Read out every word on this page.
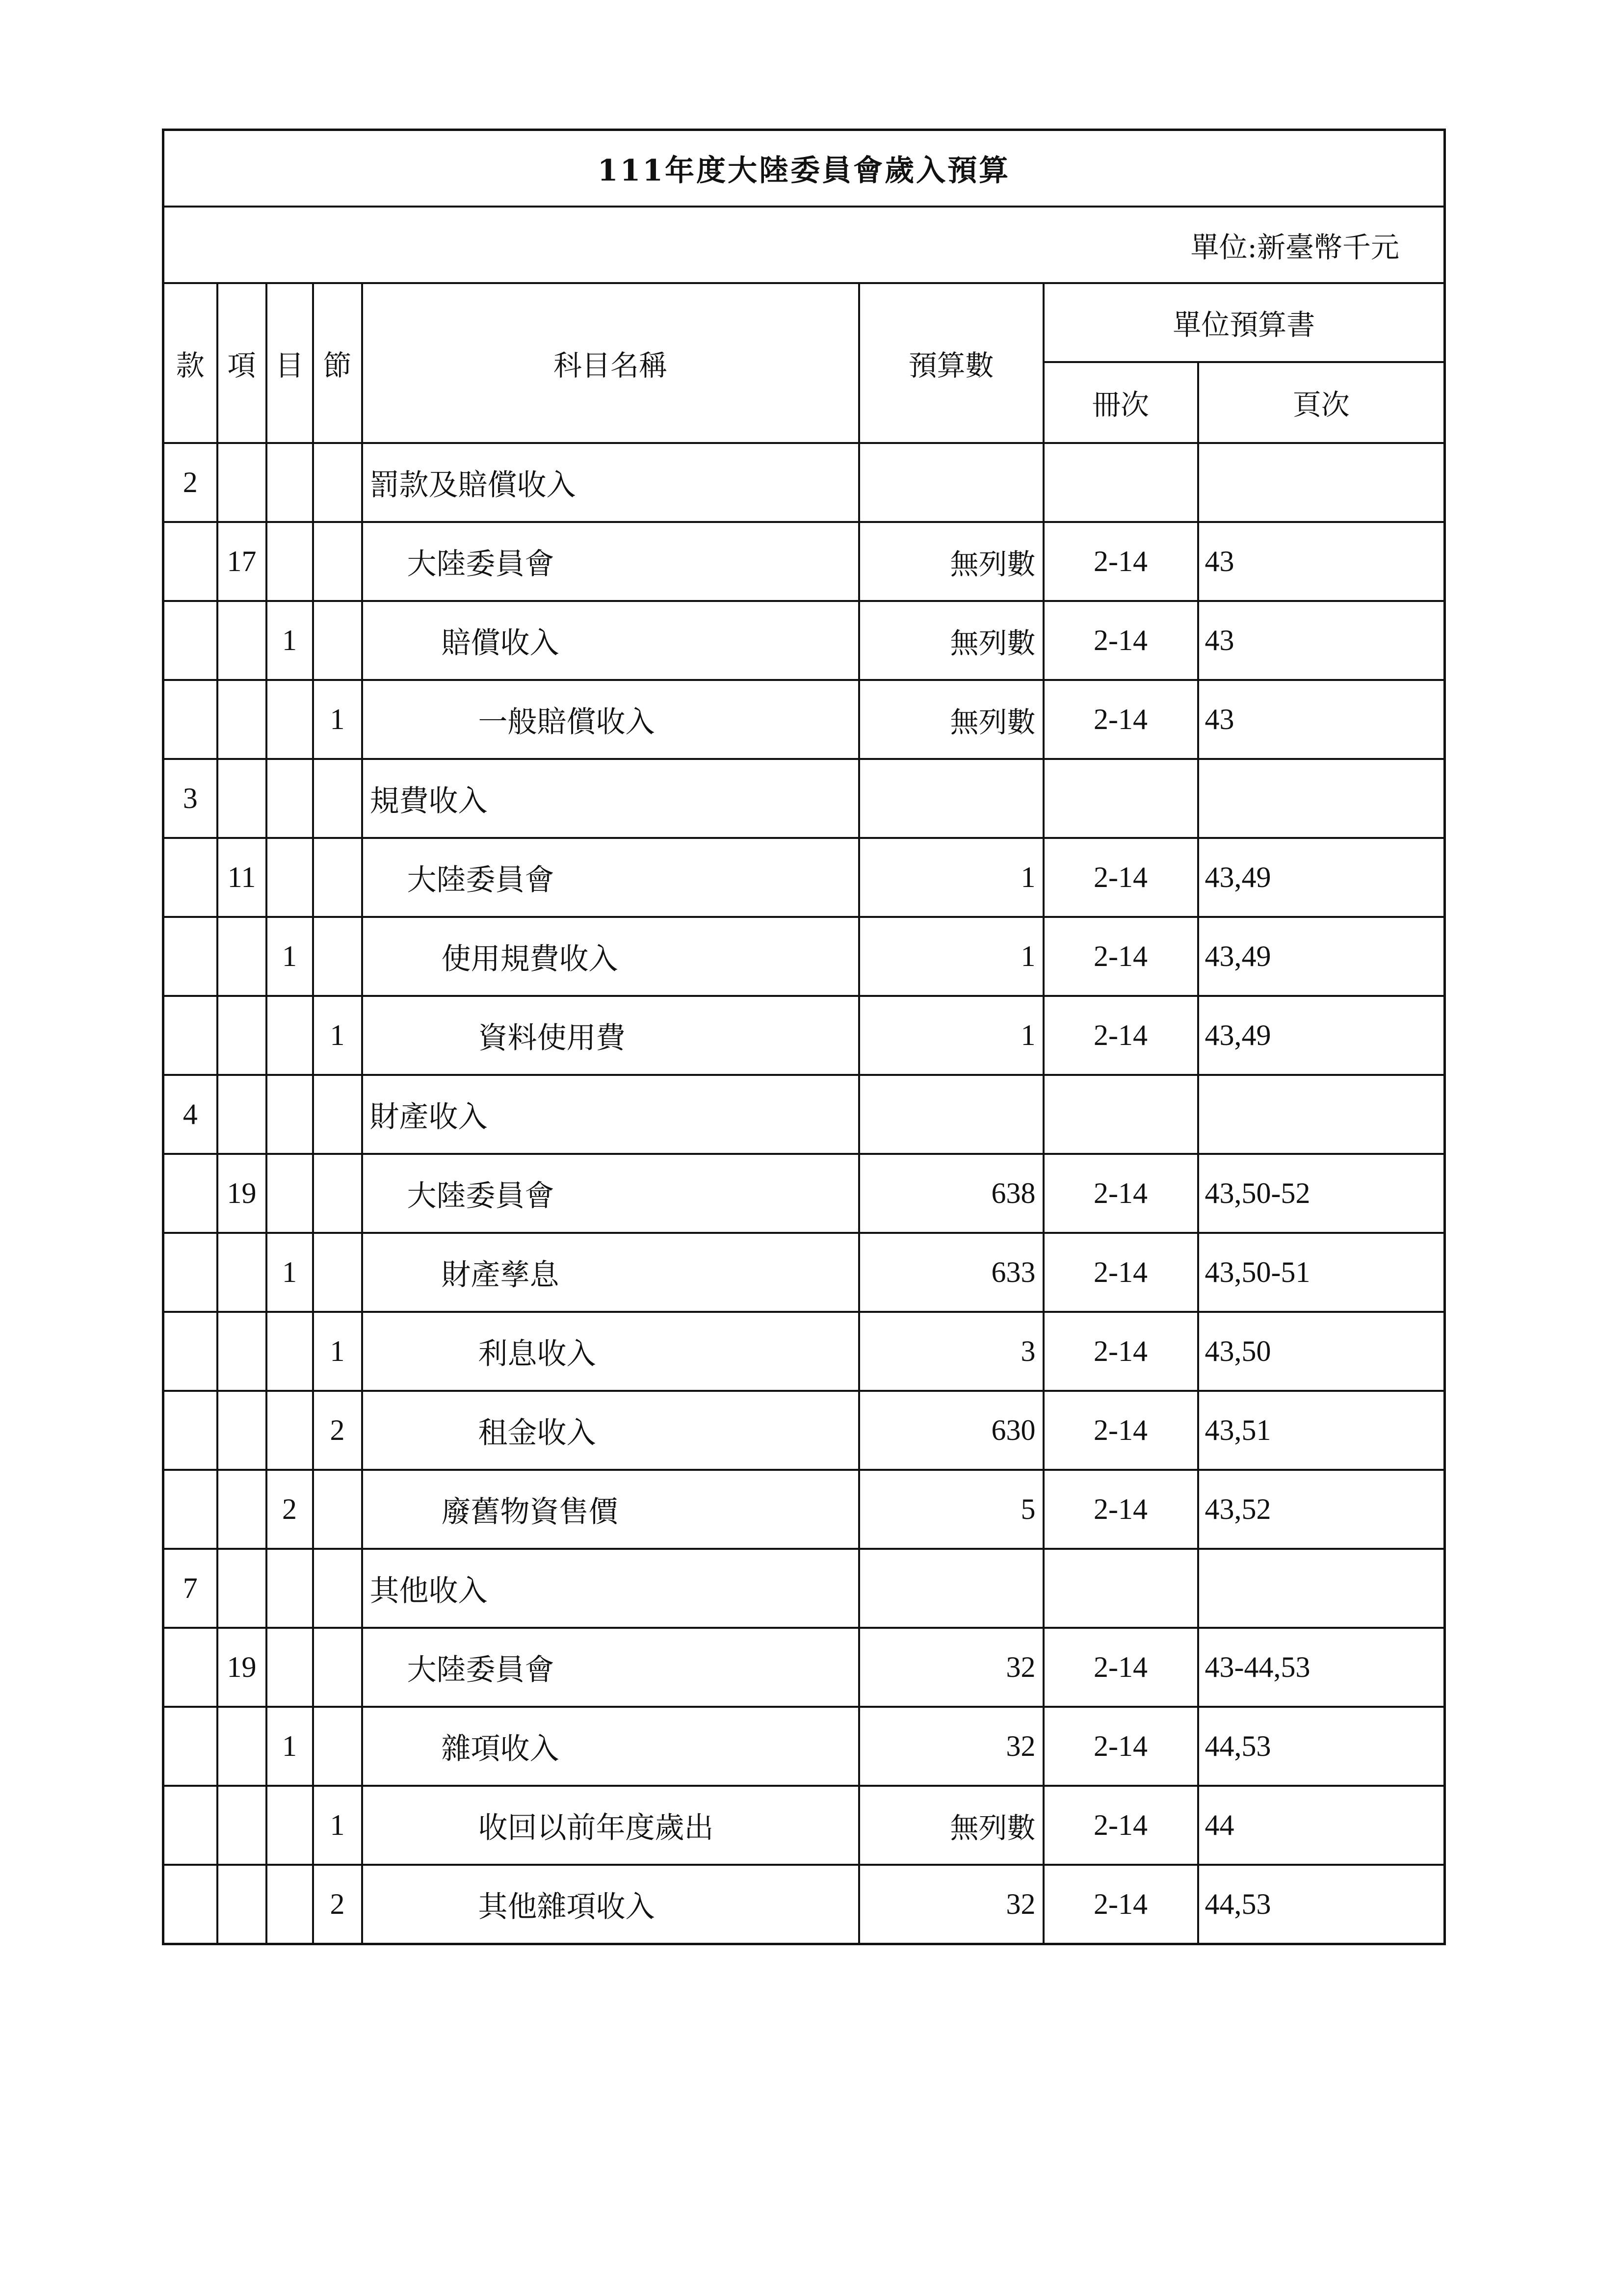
111年度大陸委員會歲入預算							
單位:新臺幣千元							
款	項	目	節	科目名稱	預算數	單位預算書	
						冊次	頁次
2				罰款及賠償收入			
	17			大陸委員會	無列數	2-14	43
		1		賠償收入	無列數	2-14	43
			1	一般賠償收入	無列數	2-14	43
3				規費收入			
	11			大陸委員會	1	2-14	43,49
		1		使用規費收入	1	2-14	43,49
			1	資料使用費	1	2-14	43,49
4				財產收入			
	19			大陸委員會	638	2-14	43,50-52
		1		財產孳息	633	2-14	43,50-51
			1	利息收入	3	2-14	43,50
			2	租金收入	630	2-14	43,51
		2		廢舊物資售價	5	2-14	43,52
7				其他收入			
	19			大陸委員會	32	2-14	43-44,53
		1		雜項收入	32	2-14	44,53
			1	收回以前年度歲出	無列數	2-14	44
			2	其他雜項收入	32	2-14	44,53
